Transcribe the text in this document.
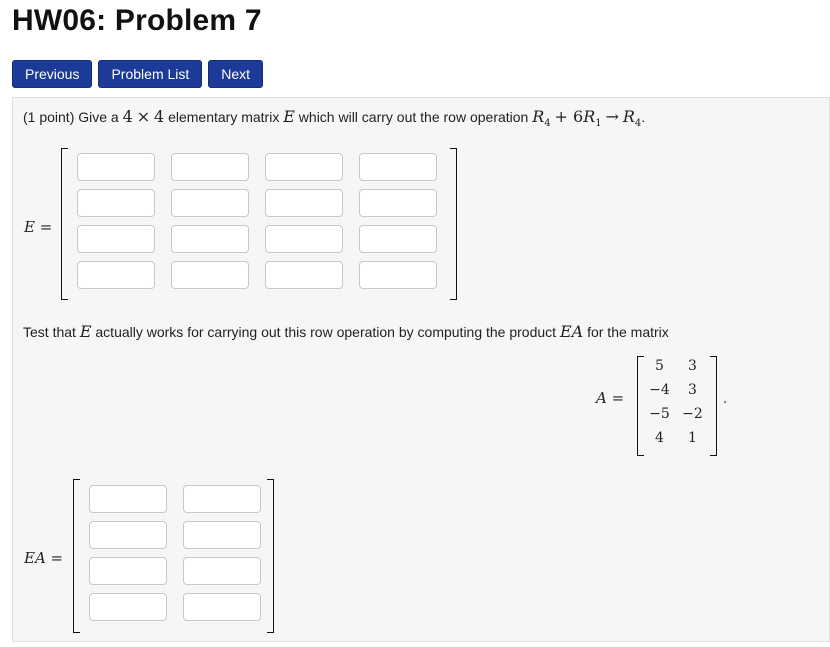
HW06: Problem 7
Previous	Problem List	Next
(1 point) Give a 4 × 4 elementary matrix E which will carry out the row operation $R_4 + 6R_1 \to R_4$.
E =
Test that E actually works for carrying out this row operation by computing the product EA for the matrix
A =
5	3
−4	3
−5 −2
4	1
.
EA =
